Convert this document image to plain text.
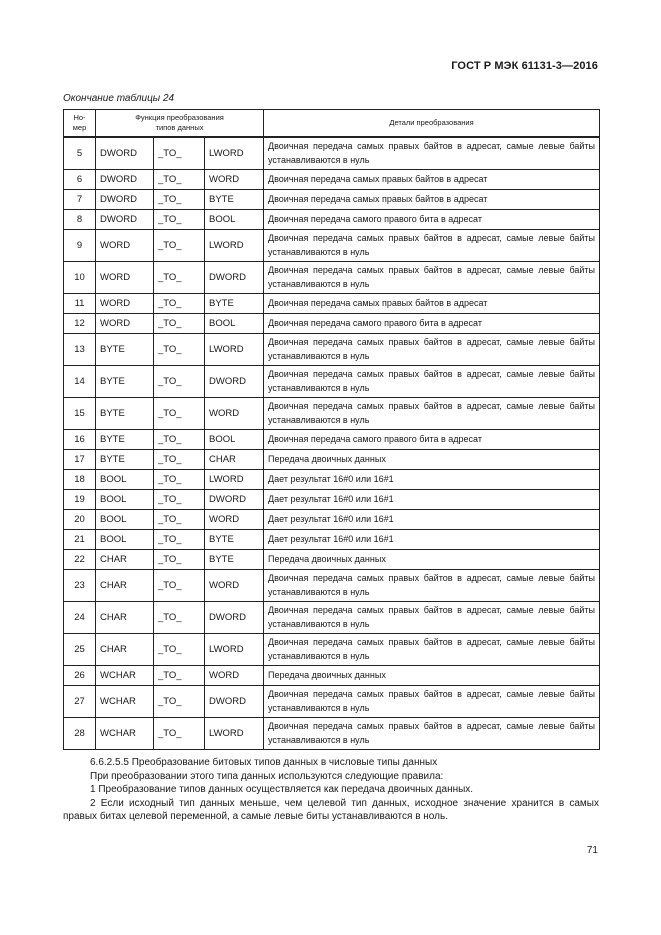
ГОСТ Р МЭК 61131-3—2016
Окончание таблицы 24
Но-
мер	Функция преобразования
типов данных			Детали преобразования
5	DWORD	_TO_	LWORD	Двоичная передача самых правых байтов в адресат, самые левые байты устанавливаются в нуль
6	DWORD	_TO_	WORD	Двоичная передача самых правых байтов в адресат
7	DWORD	_TO_	BYTE	Двоичная передача самых правых байтов в адресат
8	DWORD	_TO_	BOOL	Двоичная передача самого правого бита в адресат
9	WORD	_TO_	LWORD	Двоичная передача самых правых байтов в адресат, самые левые байты устанавливаются в нуль
10	WORD	_TO_	DWORD	Двоичная передача самых правых байтов в адресат, самые левые байты устанавливаются в нуль
11	WORD	_TO_	BYTE	Двоичная передача самых правых байтов в адресат
12	WORD	_TO_	BOOL	Двоичная передача самого правого бита в адресат
13	BYTE	_TO_	LWORD	Двоичная передача самых правых байтов в адресат, самые левые байты устанавливаются в нуль
14	BYTE	_TO_	DWORD	Двоичная передача самых правых байтов в адресат, самые левые байты устанавливаются в нуль
15	BYTE	_TO_	WORD	Двоичная передача самых правых байтов в адресат, самые левые байты устанавливаются в нуль
16	BYTE	_TO_	BOOL	Двоичная передача самого правого бита в адресат
17	BYTE	_TO_	CHAR	Передача двоичных данных
18	BOOL	_TO_	LWORD	Дает результат 16#0 или 16#1
19	BOOL	_TO_	DWORD	Дает результат 16#0 или 16#1
20	BOOL	_TO_	WORD	Дает результат 16#0 или 16#1
21	BOOL	_TO_	BYTE	Дает результат 16#0 или 16#1
22	CHAR	_TO_	BYTE	Передача двоичных данных
23	CHAR	_TO_	WORD	Двоичная передача самых правых байтов в адресат, самые левые байты устанавливаются в нуль
24	CHAR	_TO_	DWORD	Двоичная передача самых правых байтов в адресат, самые левые байты устанавливаются в нуль
25	CHAR	_TO_	LWORD	Двоичная передача самых правых байтов в адресат, самые левые байты устанавливаются в нуль
26	WCHAR	_TO_	WORD	Передача двоичных данных
27	WCHAR	_TO_	DWORD	Двоичная передача самых правых байтов в адресат, самые левые байты устанавливаются в нуль
28	WCHAR	_TO_	LWORD	Двоичная передача самых правых байтов в адресат, самые левые байты устанавливаются в нуль

6.6.2.5.5 Преобразование битовых типов данных в числовые типы данных

При преобразовании этого типа данных используются следующие правила:

1 Преобразование типов данных осуществляется как передача двоичных данных.

2 Если исходный тип данных меньше, чем целевой тип данных, исходное значение хранится в самых правых битах целевой переменной, а самые левые биты устанавливаются в ноль.

71
